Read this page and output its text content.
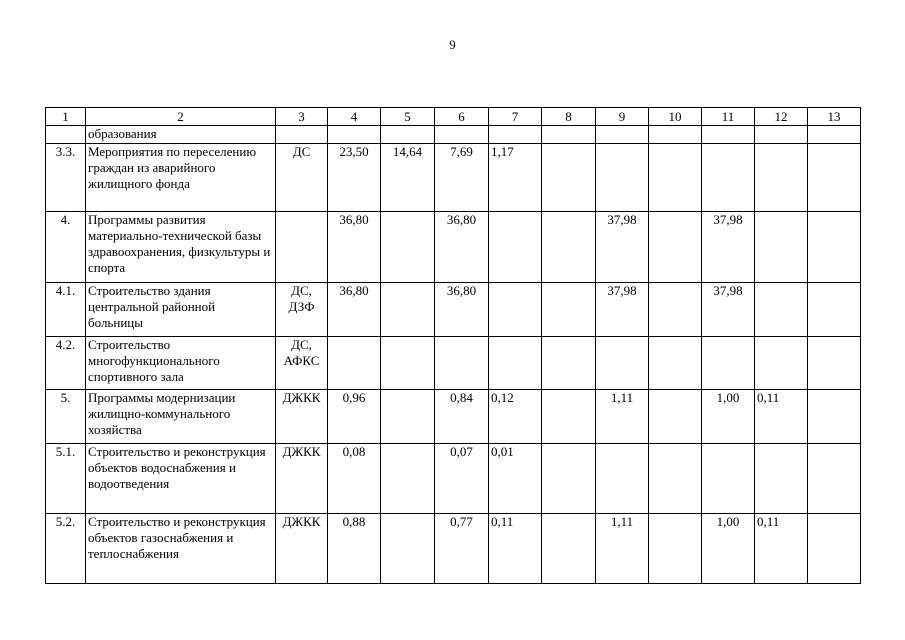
9
1	2	3	4	5	6	7	8	9	10	11	12	13
	образования											
3.3.	Мероприятия по переселению граждан из аварийного жилищного фонда	ДС	23,50	14,64	7,69	1,17						
4.	Программы развития материально-технической базы здравоохранения, физкультуры и спорта		36,80		36,80			37,98		37,98		
4.1.	Строительство здания центральной районной больницы	ДС, ДЗФ	36,80		36,80			37,98		37,98		
4.2.	Строительство многофункционального спортивного зала	ДС, АФКС										
5.	Программы модернизации жилищно-коммунального хозяйства	ДЖКК	0,96		0,84	0,12		1,11		1,00	0,11	
5.1.	Строительство и реконструкция объектов водоснабжения и водоотведения	ДЖКК	0,08		0,07	0,01						
5.2.	Строительство и реконструкция объектов газоснабжения и теплоснабжения	ДЖКК	0,88		0,77	0,11		1,11		1,00	0,11	
